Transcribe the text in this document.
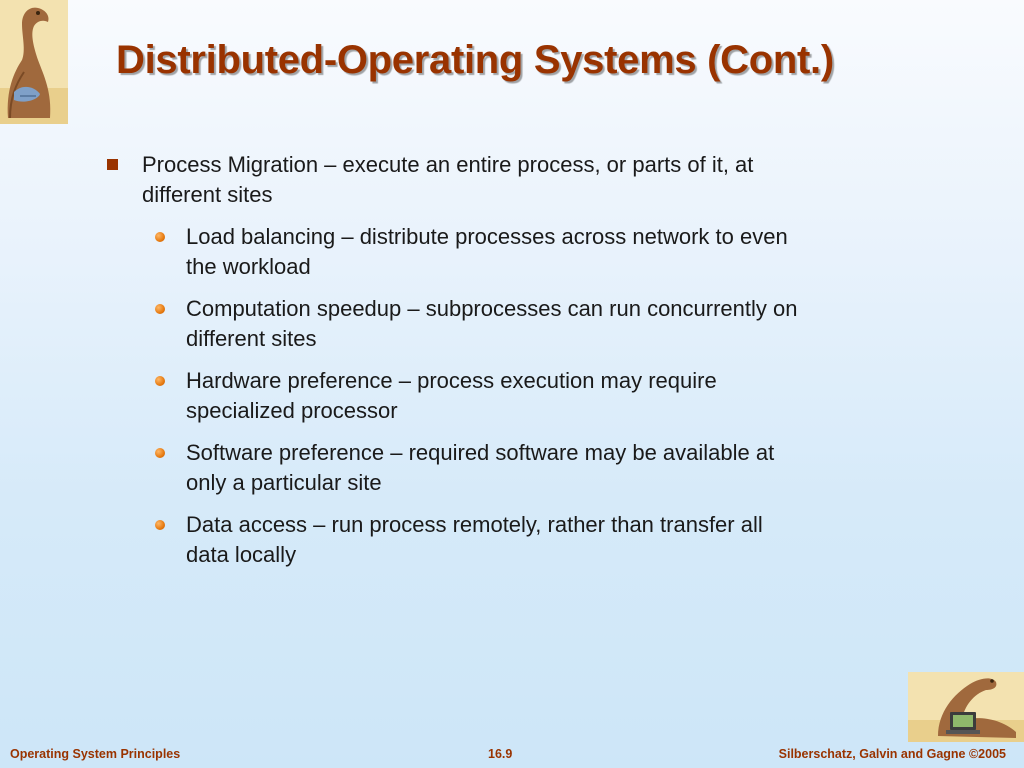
Distributed-Operating Systems (Cont.)
Process Migration – execute an entire process, or parts of it, at
different sites
Load balancing – distribute processes across network to even
the workload
Computation speedup – subprocesses can run concurrently on
different sites
Hardware preference – process execution may require
specialized processor
Software preference – required software may be available at
only a particular site
Data access – run process remotely, rather than transfer all
data locally
Operating System Principles	16.9	Silberschatz, Galvin and Gagne ©2005
